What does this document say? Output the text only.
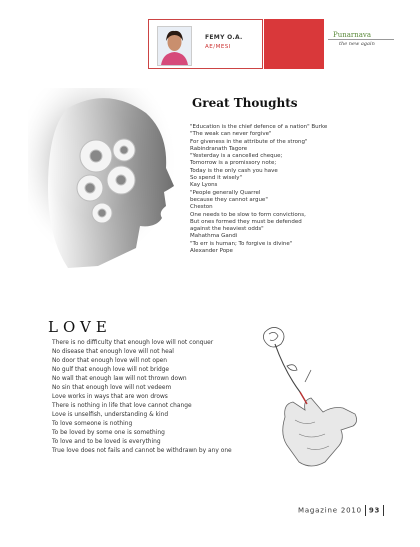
FEMY O.A.
AE/MESI
Punarnava
the new again
Great Thoughts
"Education is the chief defence of a nation" Burke
"The weak can never forgive"
For giveness in the attribute of the strong"
Rabindranath Tagore
"Yesterday is a cancelled cheque;
Tomorrow is a promissory note;
Today is the only cash you have
So spend it wisely"
Kay Lyons
"People generally Quarrel
because they cannot argue"
Cheston
One needs to be slow to form convictions,
But ones formed they must be defended
against the heaviest odds"
Mahathma Gandi
"To err is human; To forgive is divine"
Alexander Pope
LOVE
There is no difficulty that enough love will not conquer
No disease that enough love will not heal
No door that enough love will not open
No gulf that enough love will not bridge
No wall that enough law will not thrown down
No sin that enough love will not vedeem
Love works in ways that are won drows
There is nothing in life that love cannot change
Love is unselfish, understanding & kind
To love someone is nothing
To be loved by some one is something
To love and to be loved is everything
True love does not fails and cannot be withdrawn by any one
Magazine 2010 93
